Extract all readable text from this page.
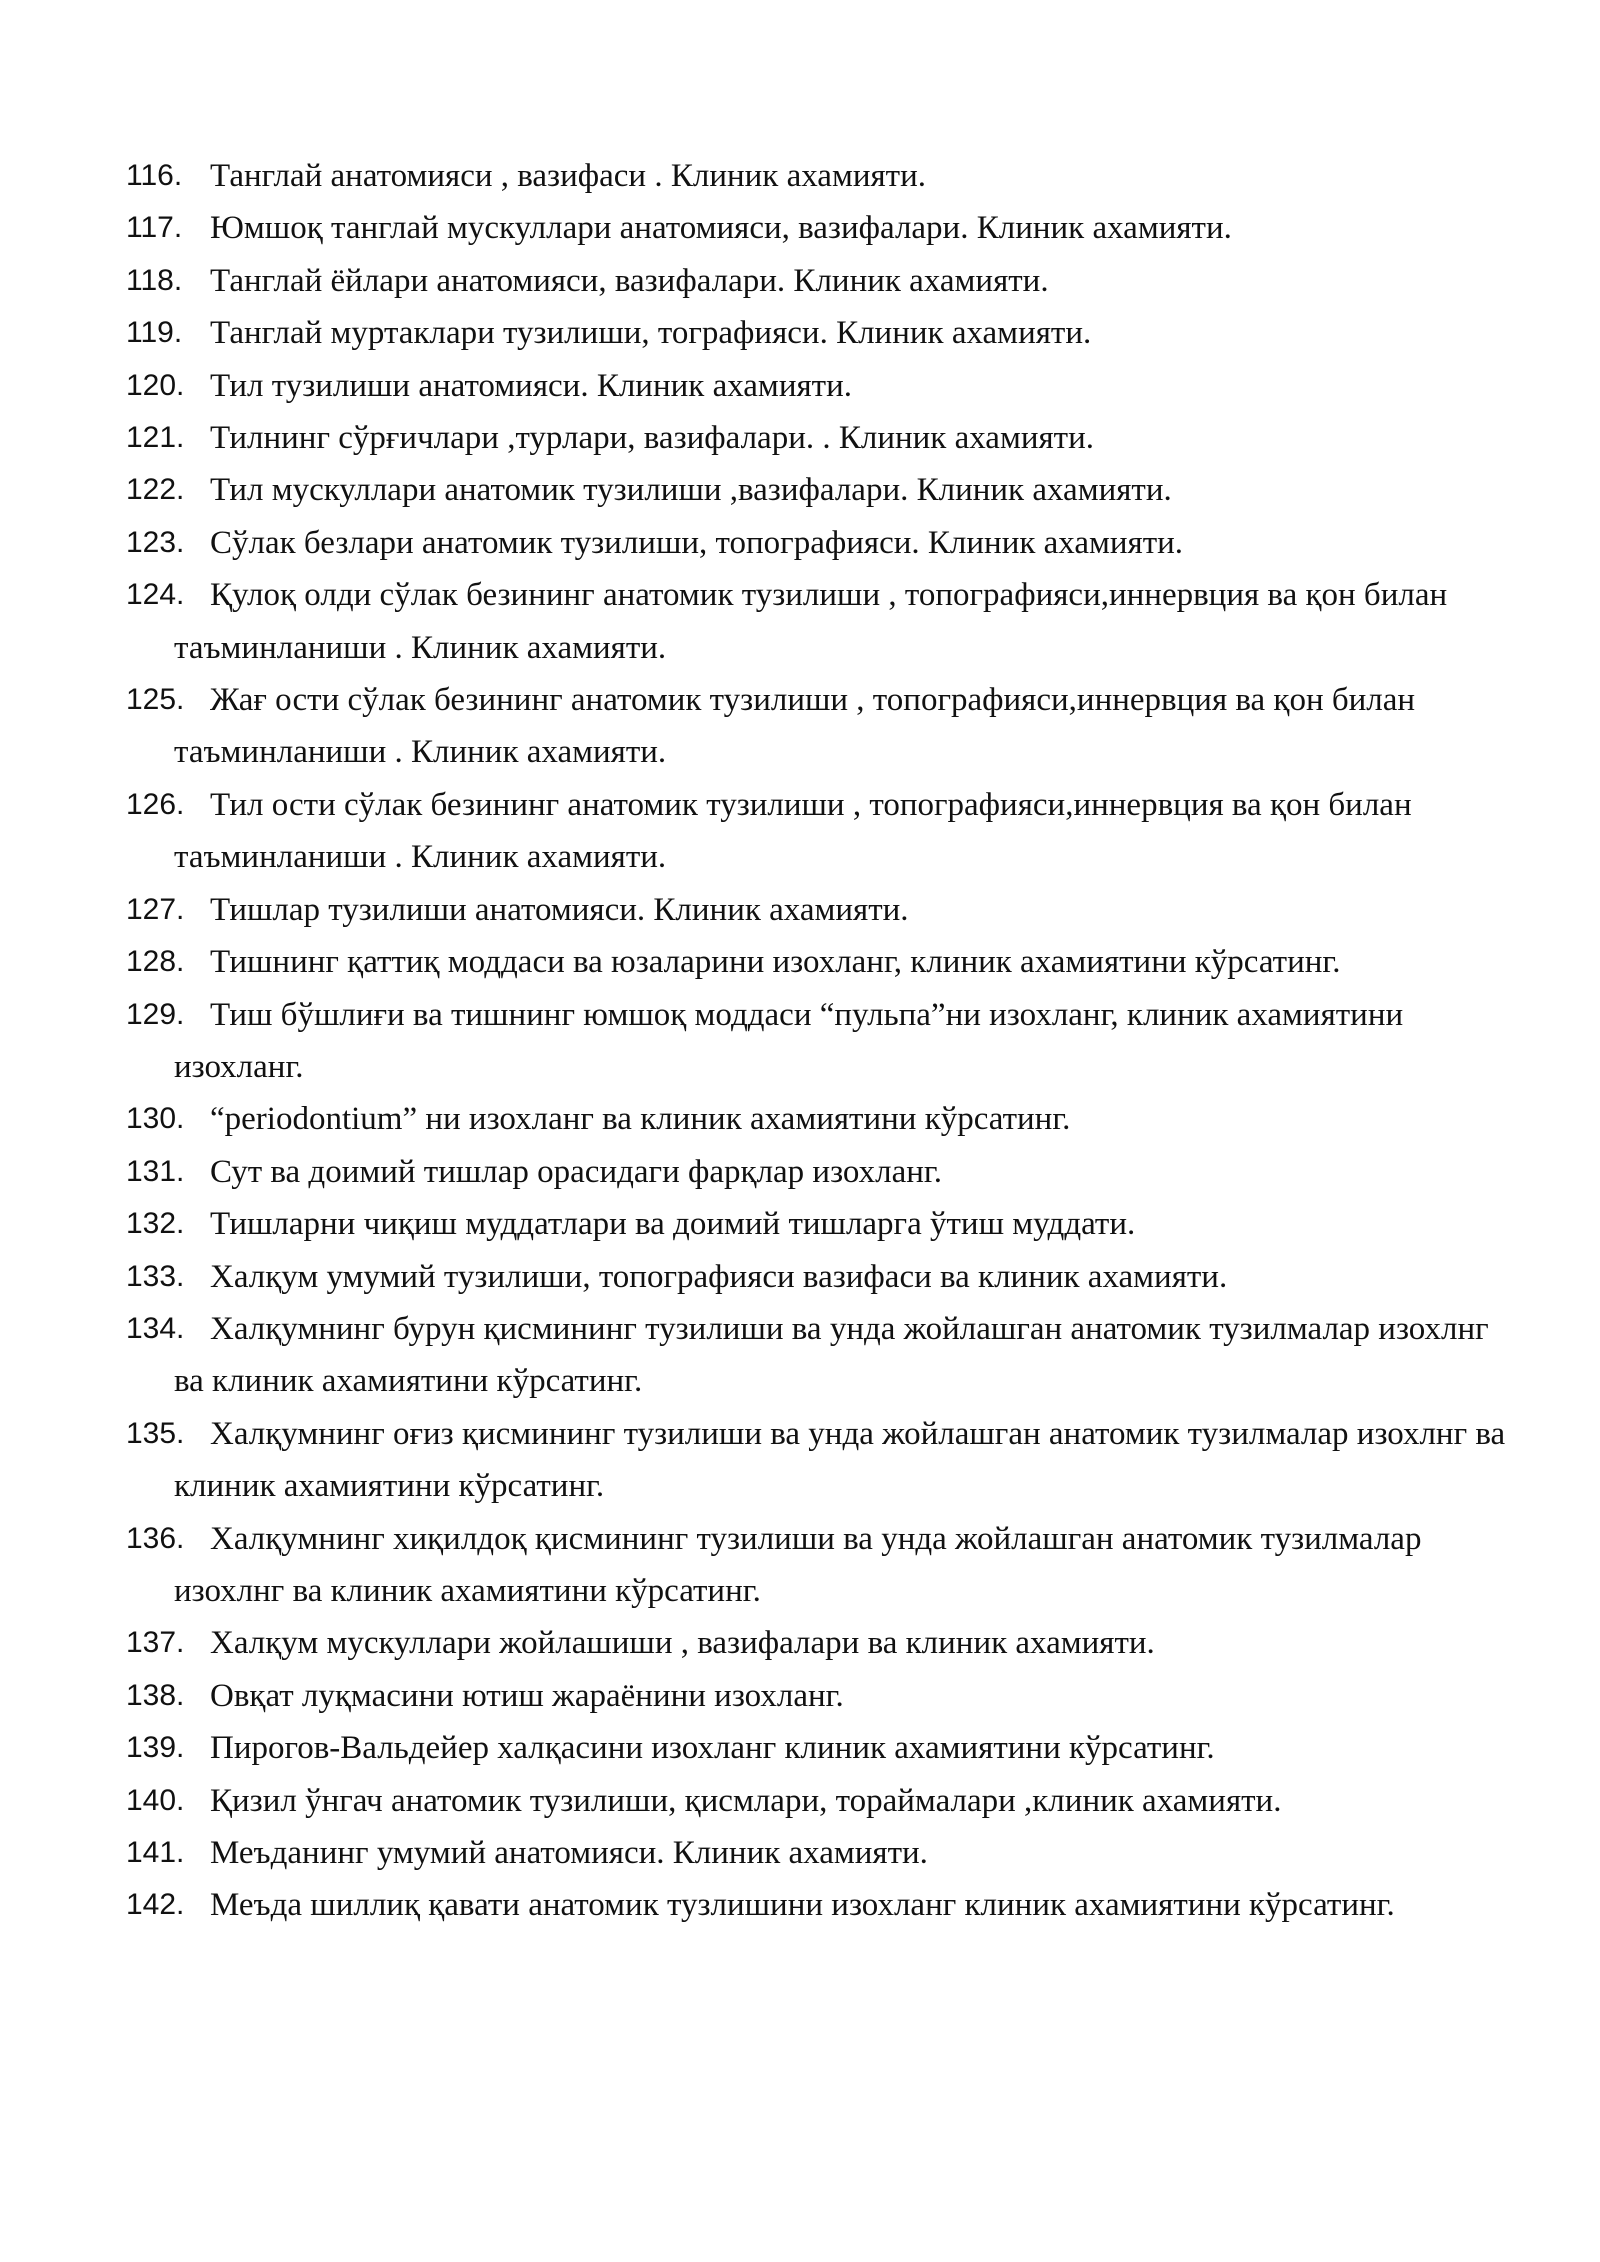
116. Танглай анатомияси , вазифаси . Клиник ахамияти.
117. Юмшоқ танглай мускуллари анатомияси, вазифалари. Клиник ахамияти.
118. Танглай ёйлари анатомияси, вазифалари. Клиник ахамияти.
119. Танглай муртаклари тузилиши, тографияси. Клиник ахамияти.
120. Тил тузилиши анатомияси. Клиник ахамияти.
121. Тилнинг сўрғичлари ,турлари, вазифалари. . Клиник ахамияти.
122. Тил мускуллари анатомик тузилиши ,вазифалари. Клиник ахамияти.
123. Сўлак безлари анатомик тузилиши, топографияси. Клиник ахамияти.
124. Қулоқ олди сўлак безининг анатомик тузилиши , топографияси,иннервция ва қон билан таъминланиши . Клиник ахамияти.
125. Жағ ости сўлак безининг анатомик тузилиши , топографияси,иннервция ва қон билан таъминланиши . Клиник ахамияти.
126. Тил ости сўлак безининг анатомик тузилиши , топографияси,иннервция ва қон билан таъминланиши . Клиник ахамияти.
127. Тишлар тузилиши анатомияси. Клиник ахамияти.
128. Тишнинг қаттиқ моддаси ва юзаларини изохланг, клиник ахамиятини кўрсатинг.
129. Тиш бўшлиғи ва тишнинг юмшоқ моддаси “пульпа”ни изохланг, клиник ахамиятини изохланг.
130. “periodontium” ни изохланг ва клиник ахамиятини кўрсатинг.
131. Сут ва доимий тишлар орасидаги фарқлар изохланг.
132. Тишларни чиқиш муддатлари ва доимий тишларга ўтиш муддати.
133. Халқум умумий тузилиши, топографияси вазифаси ва клиник ахамияти.
134. Халқумнинг бурун қисмининг тузилиши ва унда жойлашган анатомик тузилмалар изохлнг ва клиник ахамиятини кўрсатинг.
135. Халқумнинг оғиз қисмининг тузилиши ва унда жойлашган анатомик тузилмалар изохлнг ва клиник ахамиятини кўрсатинг.
136. Халқумнинг хиқилдоқ қисмининг тузилиши ва унда жойлашган анатомик тузилмалар изохлнг ва клиник ахамиятини кўрсатинг.
137. Халқум мускуллари жойлашиши , вазифалари ва клиник ахамияти.
138. Овқат луқмасини ютиш жараёнини изохланг.
139. Пирогов-Вальдейер халқасини изохланг клиник ахамиятини кўрсатинг.
140. Қизил ўнгач анатомик тузилиши, қисмлари, тораймалари ,клиник ахамияти.
141. Меъданинг умумий анатомияси. Клиник ахамияти.
142. Меъда шиллиқ қавати анатомик тузлишини изохланг клиник ахамиятини кўрсатинг.
